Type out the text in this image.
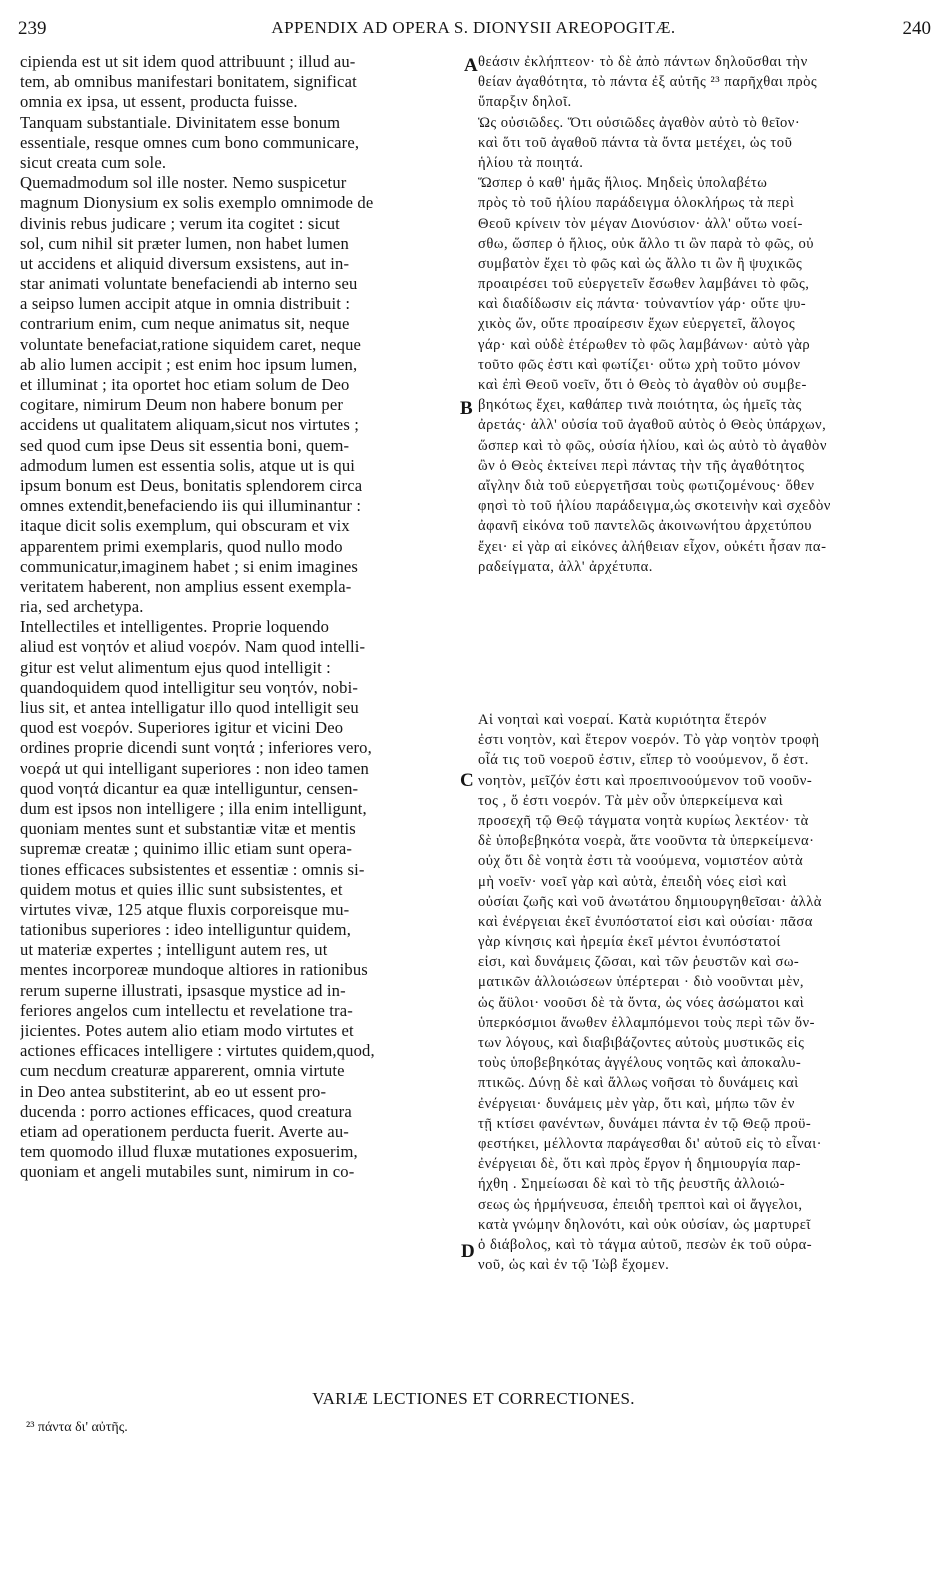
239	APPENDIX AD OPERA S. DIONYSII AREOPOGITÆ.	240
cipienda est ut sit idem quod attribuunt ; illud au-
tem, ab omnibus manifestari bonitatem, significat
omnia ex ipsa, ut essent, producta fuisse.
Tanquam substantiale. Divinitatem esse bonum
essentiale, resque omnes cum bono communicare,
sicut creata cum sole.
Quemadmodum sol ille noster. Nemo suspicetur
magnum Dionysium ex solis exemplo omnimode de
divinis rebus judicare ; verum ita cogitet : sicut
sol, cum nihil sit præter lumen, non habet lumen
ut accidens et aliquid diversum exsistens, aut in-
star animati voluntate benefaciendi ab interno seu
a seipso lumen accipit atque in omnia distribuit :
contrarium enim, cum neque animatus sit, neque
voluntate benefaciat,ratione siquidem caret, neque
ab alio lumen accipit ; est enim hoc ipsum lumen,
et illuminat ; ita oportet hoc etiam solum de Deo
cogitare, nimirum Deum non habere bonum per
accidens ut qualitatem aliquam,sicut nos virtutes ;
sed quod cum ipse Deus sit essentia boni, quem-
admodum lumen est essentia solis, atque ut is qui
ipsum bonum est Deus, bonitatis splendorem circa
omnes extendit,benefaciendo iis qui illuminantur :
itaque dicit solis exemplum, qui obscuram et vix
apparentem primi exemplaris, quod nullo modo
communicatur,imaginem habet ; si enim imagines
veritatem haberent, non amplius essent exempla-
ria, sed archetypa.
Intellectiles et intelligentes. Proprie loquendo
aliud est νοητόν et aliud νοερόν. Nam quod intelli-
gitur est velut alimentum ejus quod intelligit :
quandoquidem quod intelligitur seu νοητόν, nobi-
lius sit, et antea intelligatur illo quod intelligit seu
quod est νοερόν. Superiores igitur et vicini Deo
ordines proprie dicendi sunt νοητά ; inferiores vero,
νοερά ut qui intelligant superiores : non ideo tamen
quod νοητά dicantur ea quæ intelliguntur, censen-
dum est ipsos non intelligere ; illa enim intelligunt,
quoniam mentes sunt et substantiæ vitæ et mentis
supremæ creatæ ; quinimo illic etiam sunt opera-
tiones efficaces subsistentes et essentiæ : omnis si-
quidem motus et quies illic sunt subsistentes, et
virtutes vivæ, 125 atque fluxis corporeisque mu-
tationibus superiores : ideo intelliguntur quidem,
ut materiæ expertes ; intelligunt autem res, ut
mentes incorporeæ mundoque altiores in rationibus
rerum superne illustrati, ipsasque mystice ad in-
feriores angelos cum intellectu et revelatione tra-
jicientes. Potes autem alio etiam modo virtutes et
actiones efficaces intelligere : virtutes quidem,quod,
cum necdum creaturæ apparerent, omnia virtute
in Deo antea substiterint, ab eo ut essent pro-
ducenda : porro actiones efficaces, quod creatura
etiam ad operationem perducta fuerit. Averte au-
tem quomodo illud fluxæ mutationes exposuerim,
quoniam et angeli mutabiles sunt, nimirum in co-
θεάσιν ἐκλήπτεον· τὸ δὲ ἀπὸ πάντων δηλοῦσθαι τὴν
θείαν ἀγαθότητα, τὸ πάντα ἐξ αὐτῆς ²³ παρῆχθαι πρὸς
ὕπαρξιν δηλοῖ.
Ὡς οὐσιῶδες. Ὅτι οὐσιῶδες ἀγαθὸν αὐτὸ τὸ θεῖον·
καὶ ὅτι τοῦ ἀγαθοῦ πάντα τὰ ὄντα μετέχει, ὡς τοῦ
ἡλίου τὰ ποιητά.
Ὥσπερ ὁ καθ' ἡμᾶς ἥλιος. Μηδεὶς ὑπολαβέτω
πρὸς τὸ τοῦ ἡλίου παράδειγμα ὁλοκλήρως τὰ περὶ
Θεοῦ κρίνειν τὸν μέγαν Διονύσιον· ἀλλ' οὕτω νοεί-
σθω, ὥσπερ ὁ ἥλιος, οὐκ ἄλλο τι ὢν παρὰ τὸ φῶς, οὐ
συμβατὸν ἔχει τὸ φῶς καὶ ὡς ἄλλο τι ὢν ἢ ψυχικῶς
προαιρέσει τοῦ εὐεργετεῖν ἔσωθεν λαμβάνει τὸ φῶς,
καὶ διαδίδωσιν εἰς πάντα· τοὐναντίον γάρ· οὔτε ψυ-
χικὸς ὤν, οὔτε προαίρεσιν ἔχων εὐεργετεῖ, ἄλογος
γάρ· καὶ οὐδὲ ἑτέρωθεν τὸ φῶς λαμβάνων· αὐτὸ γὰρ
τοῦτο φῶς ἐστι καὶ φωτίζει· οὕτω χρὴ τοῦτο μόνον
καὶ ἐπὶ Θεοῦ νοεῖν, ὅτι ὁ Θεὸς τὸ ἀγαθὸν οὐ συμβε-
βηκότως ἔχει, καθάπερ τινὰ ποιότητα, ὡς ἡμεῖς τὰς
ἀρετάς· ἀλλ' οὐσία τοῦ ἀγαθοῦ αὐτὸς ὁ Θεὸς ὑπάρχων,
ὥσπερ καὶ τὸ φῶς, οὐσία ἡλίου, καὶ ὡς αὐτὸ τὸ ἀγαθὸν
ὢν ὁ Θεὸς ἐκτείνει περὶ πάντας τὴν τῆς ἀγαθότητος
αἴγλην διὰ τοῦ εὐεργετῆσαι τοὺς φωτιζομένους· ὅθεν
φησὶ τὸ τοῦ ἡλίου παράδειγμα,ὡς σκοτεινὴν καὶ σχεδὸν
ἀφανῆ εἰκόνα τοῦ παντελῶς ἀκοινωνήτου ἀρχετύπου
ἔχει· εἰ γὰρ αἱ εἰκόνες ἀλήθειαν εἶχον, οὐκέτι ἦσαν πα-
ραδείγματα, ἀλλ' ἀρχέτυπα.
Αἱ νοηταὶ καὶ νοεραί. Κατὰ κυριότητα ἕτερόν
ἐστι νοητὸν, καὶ ἕτερον νοερόν. Τὸ γὰρ νοητὸν τροφὴ
οἷά τις τοῦ νοεροῦ ἐστιν, εἴπερ τὸ νοούμενον, ὅ ἐστ.
νοητὸν, μεῖζόν ἐστι καὶ προεπινοούμενον τοῦ νοοῦν-
τος , ὅ ἐστι νοερόν. Τὰ μὲν οὖν ὑπερκείμενα καὶ
προσεχῆ τῷ Θεῷ τάγματα νοητὰ κυρίως λεκτέον· τὰ
δὲ ὑποβεβηκότα νοερὰ, ἅτε νοοῦντα τὰ ὑπερκείμενα·
οὐχ ὅτι δὲ νοητὰ ἐστι τὰ νοούμενα, νομιστέον αὐτὰ
μὴ νοεῖν· νοεῖ γὰρ καὶ αὐτὰ, ἐπειδὴ νόες εἰσὶ καὶ
οὐσίαι ζωῆς καὶ νοῦ ἀνωτάτου δημιουργηθεῖσαι· ἀλλὰ
καὶ ἐνέργειαι ἐκεῖ ἐνυπόστατοί εἰσι καὶ οὐσίαι· πᾶσα
γὰρ κίνησις καὶ ἠρεμία ἐκεῖ μέντοι ἐνυπόστατοί
εἰσι, καὶ δυνάμεις ζῶσαι, καὶ τῶν ῥευστῶν καὶ σω-
ματικῶν ἀλλοιώσεων ὑπέρτεραι · διὸ νοοῦνται μὲν,
ὡς ἄϋλοι· νοοῦσι δὲ τὰ ὄντα, ὡς νόες ἀσώματοι καὶ
ὑπερκόσμιοι ἄνωθεν ἐλλαμπόμενοι τοὺς περὶ τῶν ὄν-
των λόγους, καὶ διαβιβάζοντες αὐτοὺς μυστικῶς εἰς
τοὺς ὑποβεβηκότας ἀγγέλους νοητῶς καὶ ἀποκαλυ-
πτικῶς. Δύνῃ δὲ καὶ ἄλλως νοῆσαι τὸ δυνάμεις καὶ
ἐνέργειαι· δυνάμεις μὲν γὰρ, ὅτι καὶ, μήπω τῶν ἐν
τῇ κτίσει φανέντων, δυνάμει πάντα ἐν τῷ Θεῷ προϋ-
φεστήκει, μέλλοντα παράγεσθαι δι' αὐτοῦ εἰς τὸ εἶναι·
ἐνέργειαι δὲ, ὅτι καὶ πρὸς ἔργον ἡ δημιουργία παρ-
ήχθη . Σημείωσαι δὲ καὶ τὸ τῆς ῥευστῆς ἀλλοιώ-
σεως ὡς ἡρμήνευσα, ἐπειδὴ τρεπτοὶ καὶ οἱ ἄγγελοι,
κατὰ γνώμην δηλονότι, καὶ οὐκ οὐσίαν, ὡς μαρτυρεῖ
ὁ διάβολος, καὶ τὸ τάγμα αὐτοῦ, πεσὼν ἐκ τοῦ οὐρα-
νοῦ, ὡς καὶ ἐν τῷ Ἰὼβ ἔχομεν.
A
B
C
D
VARIÆ LECTIONES ET CORRECTIONES.
²³ πάντα δι' αὐτῆς.
